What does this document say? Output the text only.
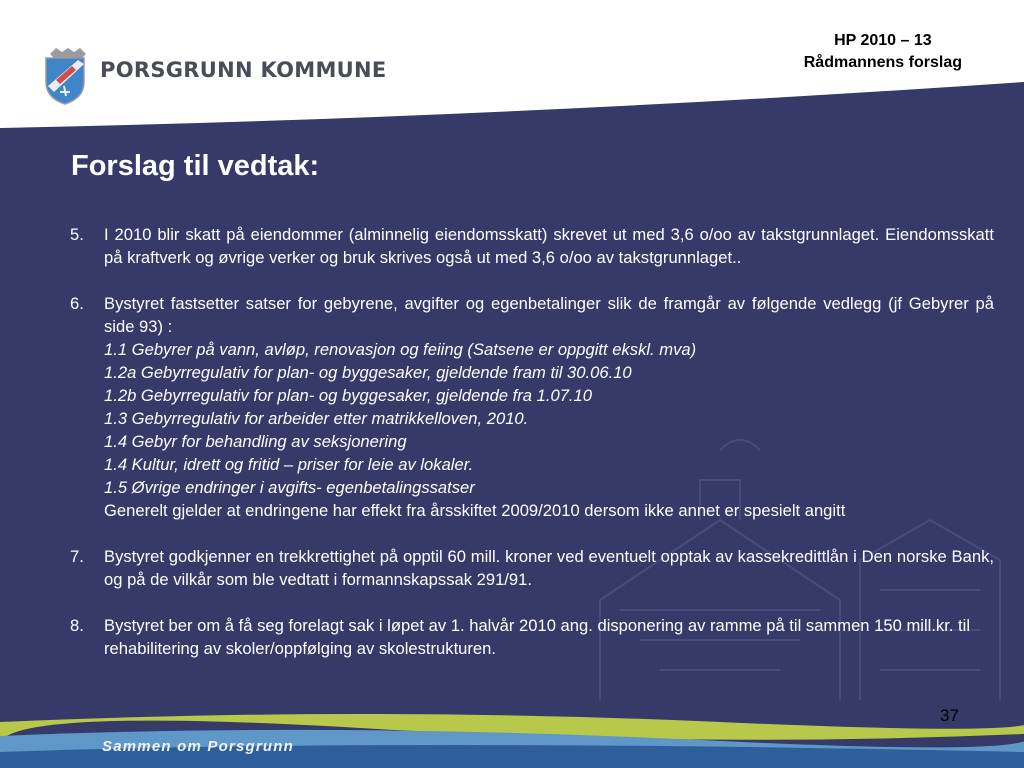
PORSGRUNN KOMMUNE
HP 2010 – 13
Rådmannens forslag
Forslag til vedtak:
5.	I 2010 blir skatt på eiendommer (alminnelig eiendomsskatt) skrevet ut med 3,6 o/oo av takstgrunnlaget. Eiendomsskatt på kraftverk og øvrige verker og bruk skrives også ut med 3,6 o/oo av takstgrunnlaget..
6.	Bystyret fastsetter satser for gebyrene, avgifter og egenbetalinger slik de framgår av følgende vedlegg (jf Gebyrer på side 93) :
1.1 Gebyrer på vann, avløp, renovasjon og feiing (Satsene er oppgitt ekskl. mva)
1.2a Gebyrregulativ for plan- og byggesaker, gjeldende fram til 30.06.10
1.2b Gebyrregulativ for plan- og byggesaker, gjeldende fra 1.07.10
1.3 Gebyrregulativ for arbeider etter matrikkelloven, 2010.
1.4 Gebyr for behandling av seksjonering
1.4 Kultur, idrett og fritid – priser for leie av lokaler.
1.5 Øvrige endringer i avgifts- egenbetalingssatser
Generelt gjelder at endringene har effekt fra årsskiftet 2009/2010 dersom ikke annet er spesielt angitt
7.	Bystyret godkjenner en trekkrettighet på opptil 60 mill. kroner ved eventuelt opptak av kassekredittlån i Den norske Bank, og på de vilkår som ble vedtatt i formannskapssak 291/91.
8.	Bystyret ber om å få seg forelagt sak i løpet av 1. halvår 2010 ang. disponering av ramme på til sammen 150 mill.kr. til rehabilitering av skoler/oppfølging av skolestrukturen.
37
Sammen om Porsgrunn
